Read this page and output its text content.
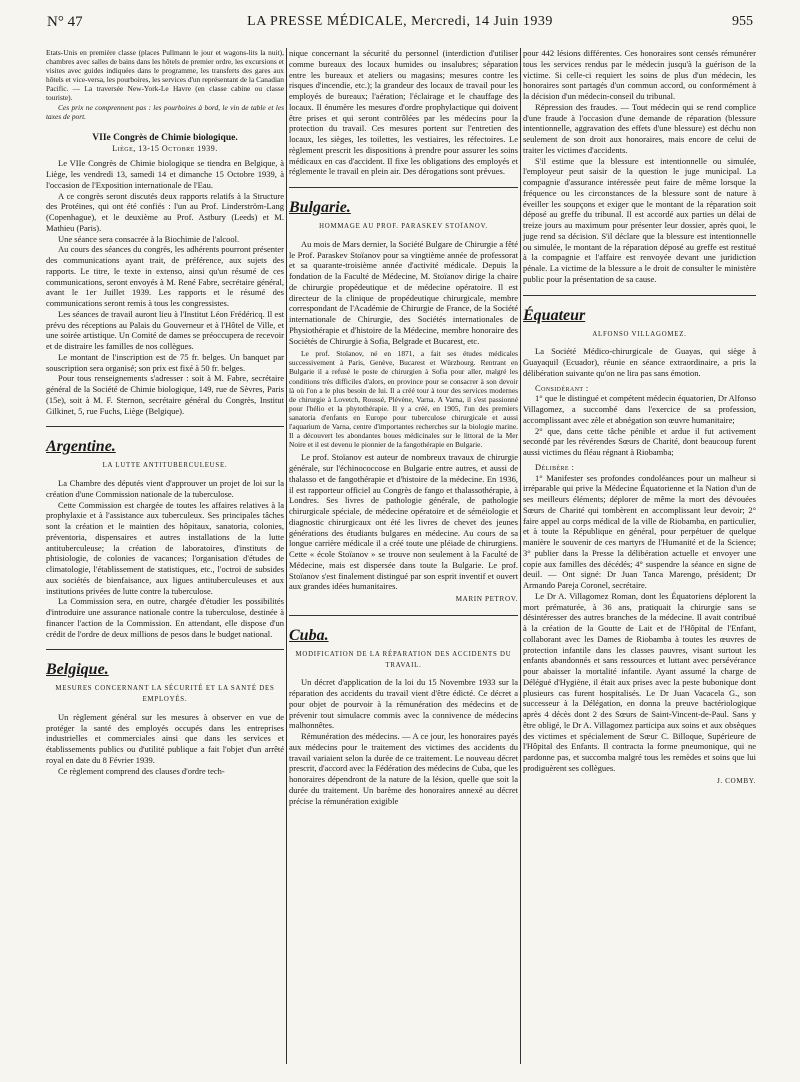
N° 47	LA PRESSE MÉDICALE, Mercredi, 14 Juin 1939	955

Etats-Unis en première classe (places Pullmann le jour et wagons-lits la nuit), chambres avec salles de bains dans les hôtels de premier ordre, les excursions et visites avec guides indiquées dans le programme, les transferts des gares aux hôtels et vice-versa, les pourboires, les services d'un représentant de la Canadian Pacific. — La traversée New-York-Le Havre (en classe cabine ou classe touriste).

Ces prix ne comprennent pas : les pourboires à bord, le vin de table et les taxes de port.

VIIe Congrès de Chimie biologique.

Liège, 13-15 Octobre 1939.

Le VIIe Congrès de Chimie biologique se tiendra en Belgique, à Liège, les vendredi 13, samedi 14 et dimanche 15 Octobre 1939, à l'occasion de l'Exposition internationale de l'Eau.

A ce congrès seront discutés deux rapports relatifs à la Structure des Protéines, qui ont été confiés : l'un au Prof. Linderström-Lang (Copenhague), et le deuxième au Prof. Astbury (Leeds) et M. Mathieu (Paris).

Une séance sera consacrée à la Biochimie de l'alcool.

Au cours des séances du congrès, les adhérents pourront présenter des communications ayant trait, de préférence, aux sujets des rapports. Le titre, le texte in extenso, ainsi qu'un résumé de ces communications, seront envoyés à M. René Fabre, secrétaire général, avant le 1er Juillet 1939. Les rapports et le résumé des communications seront remis à tous les congressistes.

Les séances de travail auront lieu à l'Institut Léon Frédéricq. Il est prévu des réceptions au Palais du Gouverneur et à l'Hôtel de Ville, et une soirée artistique. Un Comité de dames se préoccupera de recevoir et de distraire les familles de nos collègues.

Le montant de l'inscription est de 75 fr. belges. Un banquet par souscription sera organisé; son prix est fixé à 50 fr. belges.

Pour tous renseignements s'adresser : soit à M. Fabre, secrétaire général de la Société de Chimie biologique, 149, rue de Sèvres, Paris (15e), soit à M. F. Sternon, secrétaire général du Congrès, Institut Gilkinet, 5, rue Fuchs, Liège (Belgique).

Argentine.

LA LUTTE ANTITUBERCULEUSE.

La Chambre des députés vient d'approuver un projet de loi sur la création d'une Commission nationale de la tuberculose.

Cette Commission est chargée de toutes les affaires relatives à la prophylaxie et à l'assistance aux tuberculeux. Ses principales tâches sont la création et le maintien des hôpitaux, sanatoria, colonies, préventoria, dispensaires et autres installations de la lutte antituberculeuse; la création de laboratoires, d'instituts de phtisiologie, de colonies de vacances; l'organisation d'études de climatologie, l'établissement de statistiques, etc., l'octroi de subsides aux sociétés de bienfaisance, aux ligues antituberculeuses et aux institutions privées de lutte contre la tuberculose.

La Commission sera, en outre, chargée d'étudier les possibilités d'introduire une assurance nationale contre la tuberculose, destinée à financer l'action de la Commission. En attendant, elle dispose d'un crédit de l'ordre de deux millions de pesos dans le budget national.

Belgique.

MESURES CONCERNANT LA SÉCURITÉ ET LA SANTÉ DES EMPLOYÉS.

Un règlement général sur les mesures à observer en vue de protéger la santé des employés occupés dans les entreprises industrielles et commerciales ainsi que dans les services et établissements publics ou d'utilité publique a fait l'objet d'un arrêté royal en date du 8 Février 1939.

Ce règlement comprend des clauses d'ordre tech-

nique concernant la sécurité du personnel (interdiction d'utiliser comme bureaux des locaux humides ou insalubres; séparation entre les bureaux et ateliers ou magasins; mesures contre les risques d'incendie, etc.); la grandeur des locaux de travail pour les employés de bureaux; l'aération; l'éclairage et le chauffage des locaux. Il énumère les mesures d'ordre prophylactique qui doivent être prises et qui seront contrôlées par les médecins pour la protection du travail. Ces mesures portent sur l'entretien des locaux, les sièges, les toilettes, les vestiaires, les réfectoires. Le règlement prescrit les dispositions à prendre pour assurer les soins médicaux en cas d'accident. Il fixe les obligations des employés et réglemente le travail en plein air. Des dérogations sont prévues.

Bulgarie.

HOMMAGE AU PROF. PARASKEV STOÏANOV.

Au mois de Mars dernier, la Société Bulgare de Chirurgie a fêté le Prof. Paraskev Stoïanov pour sa vingtième année de professorat et sa quarante-troisième année d'activité médicale. Depuis la fondation de la Faculté de Médecine, M. Stoïanov dirige la chaire de chirurgie propédeutique et de médecine opératoire. Il est directeur de la clinique de propédeutique chirurgicale, membre correspondant de l'Académie de Chirurgie de France, de la Société internationale de Chirurgie, des Sociétés internationales de Physiothérapie et d'histoire de la Médecine, membre honoraire des Sociétés de Chirurgie à Sofia, Belgrade et Bucarest, etc.

Le prof. Stoïanov, né en 1871, a fait ses études médicales successivement à Paris, Genève, Bucarest et Würzbourg. Rentrant en Bulgarie il a refusé le poste de chirurgien à Sofia pour aller, malgré les conditions très difficiles d'alors, en province pour se consacrer à son devoir là où l'on a le plus besoin de lui. Il a créé tour à tour des services modernes de chirurgie à Lovetch, Roussé, Plévène, Varna. A Varna, il s'est passionné pour l'hélio et la phytothérapie. Il y a créé, en 1905, l'un des premiers sanatoria d'enfants en Europe pour tuberculose chirurgicale et aussi l'aquarium de Varna, centre d'importantes recherches sur la biologie marine. Il a découvert les abondantes boues médicinales sur le littoral de la Mer Noire et il est devenu le pionnier de la fangothérapie en Bulgarie.

Le prof. Stoïanov est auteur de nombreux travaux de chirurgie générale, sur l'échinococcose en Bulgarie entre autres, et aussi de thalasso et de fangothérapie et d'histoire de la médecine. En 1936, il est rapporteur officiel au Congrès de fango et thalassothérapie, à Londres. Ses livres de pathologie générale, de pathologie chirurgicale spéciale, de médecine opératoire et de séméiologie et diagnostic chirurgicaux ont été les livres de chevet des jeunes générations des étudiants bulgares en médecine. Au cours de sa longue carrière médicale il a créé toute une pléiade de chirurgiens. Cette « école Stoïanov » se trouve non seulement à la Faculté de Médecine, mais est dispersée dans toute la Bulgarie. Le prof. Stoïanov s'est finalement distingué par son esprit inventif et ouvert aux grandes idées humanitaires.

MARIN PETROV.

Cuba.

MODIFICATION DE LA RÉPARATION DES ACCIDENTS DU TRAVAIL.

Un décret d'application de la loi du 15 Novembre 1933 sur la réparation des accidents du travail vient d'être édicté. Ce décret a pour objet de pourvoir à la rémunération des médecins et de prévenir tout simulacre commis avec la connivence de médecins malhonnêtes.

Rémunération des médecins. — A ce jour, les honoraires payés aux médecins pour le traitement des victimes des accidents du travail variaient selon la durée de ce traitement. Le nouveau décret prescrit, d'accord avec la Fédération des médecins de Cuba, que les honoraires dépendront de la nature de la lésion, quelle que soit la durée du traitement. Un barème des honoraires annexé au décret précise la rémunération exigible

pour 442 lésions différentes. Ces honoraires sont censés rémunérer tous les services rendus par le médecin jusqu'à la guérison de la victime. Si celle-ci requiert les soins de plus d'un médecin, les honoraires sont partagés d'un commun accord, ou conformément à la décision d'un médecin-conseil du tribunal.

Répression des fraudes. — Tout médecin qui se rend complice d'une fraude à l'occasion d'une demande de réparation (blessure intentionnelle, aggravation des effets d'une blessure) est déchu non seulement de son droit aux honoraires, mais encore de celui de traiter les victimes d'accidents.

S'il estime que la blessure est intentionnelle ou simulée, l'employeur peut saisir de la question le juge municipal. La compagnie d'assurance intéressée peut faire de même lorsque la fréquence ou les circonstances de la blessure sont de nature à éveiller les soupçons et exiger que le montant de la réparation soit déposé au greffe du tribunal. Il est accordé aux parties un délai de treize jours au maximum pour présenter leur dossier, après quoi, le juge rend sa décision. S'il déclare que la blessure est intentionnelle ou simulée, le montant de la réparation déposé au greffe est restitué à la compagnie et l'affaire est renvoyée devant une juridiction pénale. La victime de la blessure a le droit de consulter le ministère public pour la présentation de sa cause.

Équateur

ALFONSO VILLAGOMEZ.

La Société Médico-chirurgicale de Guayas, qui siège à Guayaquil (Ecuador), réunie en séance extraordinaire, a pris la délibération suivante qu'on ne lira pas sans émotion.

Considérant :

1° que le distingué et compétent médecin équatorien, Dr Alfonso Villagomez, a succombé dans l'exercice de sa profession, accomplissant avec zèle et abnégation son œuvre humanitaire;

2° que, dans cette tâche pénible et ardue il fut activement secondé par les révérendes Sœurs de Charité, dont beaucoup furent aussi victimes du fléau régnant à Riobamba;

Délibère :

1° Manifester ses profondes condoléances pour un malheur si irréparable qui prive la Médecine Équatorienne et la Nation d'un de ses meilleurs éléments; déplorer de même la mort des dévouées Sœurs de Charité qui tombèrent en accomplissant leur devoir; 2° faire appel au corps médical de la ville de Riobamba, en particulier, et à toute la République en général, pour perpétuer de quelque manière le souvenir de ces martyrs de l'Humanité et de la Science; 3° publier dans la Presse la délibération actuelle et envoyer une copie aux familles des décédés; 4° suspendre la séance en signe de deuil. — Ont signé: Dr Juan Tanca Marengo, président; Dr Armando Pareja Coronel, secrétaire.

Le Dr A. Villagomez Roman, dont les Équatoriens déplorent la mort prématurée, à 36 ans, pratiquait la chirurgie sans se désintéresser des autres branches de la médecine. Il avait contribué à la création de la Goutte de Lait et de l'Hôpital de l'Enfant, collaborant avec les Dames de Riobamba à toutes les œuvres de protection infantile dans les classes pauvres, visant surtout les enfants abandonnés et sans ressources et luttant avec persévérance pour abaisser la mortalité infantile. Ayant assumé la charge de Délégué d'Hygiène, il était aux prises avec la peste bubonique dont plusieurs cas furent hospitalisés. Le Dr Juan Vacacela G., son successeur à la Délégation, en donna la preuve bactériologique après 4 décès dont 2 des Sœurs de Saint-Vincent-de-Paul. Sans y être obligé, le Dr A. Villagomez participa aux soins et aux obsèques des victimes et spécialement de Sœur C. Billoque, Supérieure de l'Hôpital des Enfants. Il contracta la forme pneumonique, qui ne pardonne pas, et succomba malgré tous les remèdes et soins que lui prodiguèrent ses collègues.

J. COMBY.
